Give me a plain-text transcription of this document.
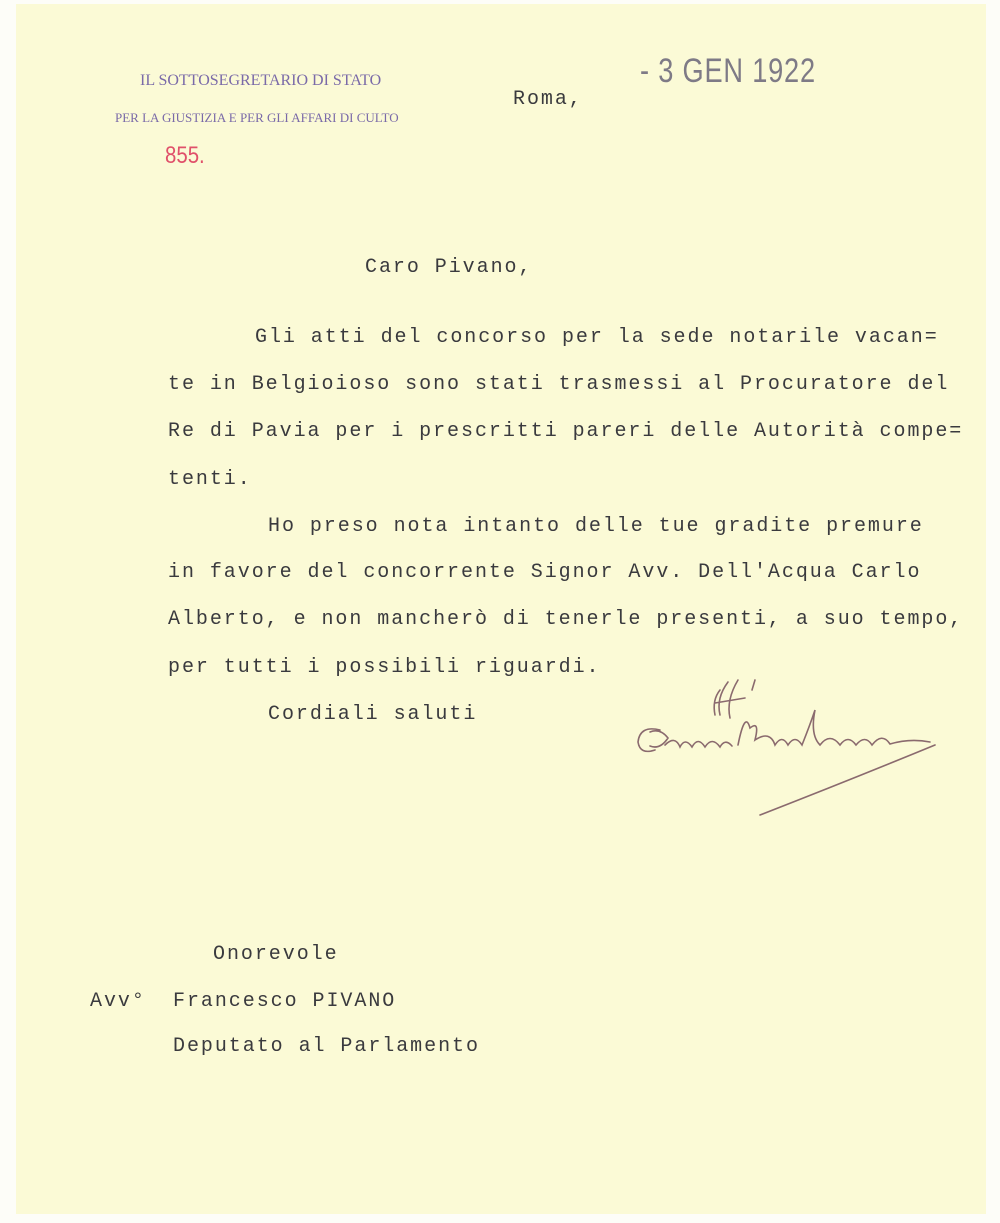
IL SOTTOSEGRETARIO DI STATO
PER LA GIUSTIZIA E PER GLI AFFARI DI CULTO
855.
Roma,
- 3 GEN 1922
Caro Pivano,
Gli atti del concorso per la sede notarile vacan=
te in Belgioioso sono stati trasmessi al Procuratore del
Re di Pavia per i prescritti pareri delle Autorità compe=
tenti.
Ho preso nota intanto delle tue gradite premure
in favore del concorrente Signor Avv. Dell'Acqua Carlo
Alberto, e non mancherò di tenerle presenti, a suo tempo,
per tutti i possibili riguardi.
Cordiali saluti
Onorevole
Avv° Francesco PIVANO
Deputato al Parlamento
